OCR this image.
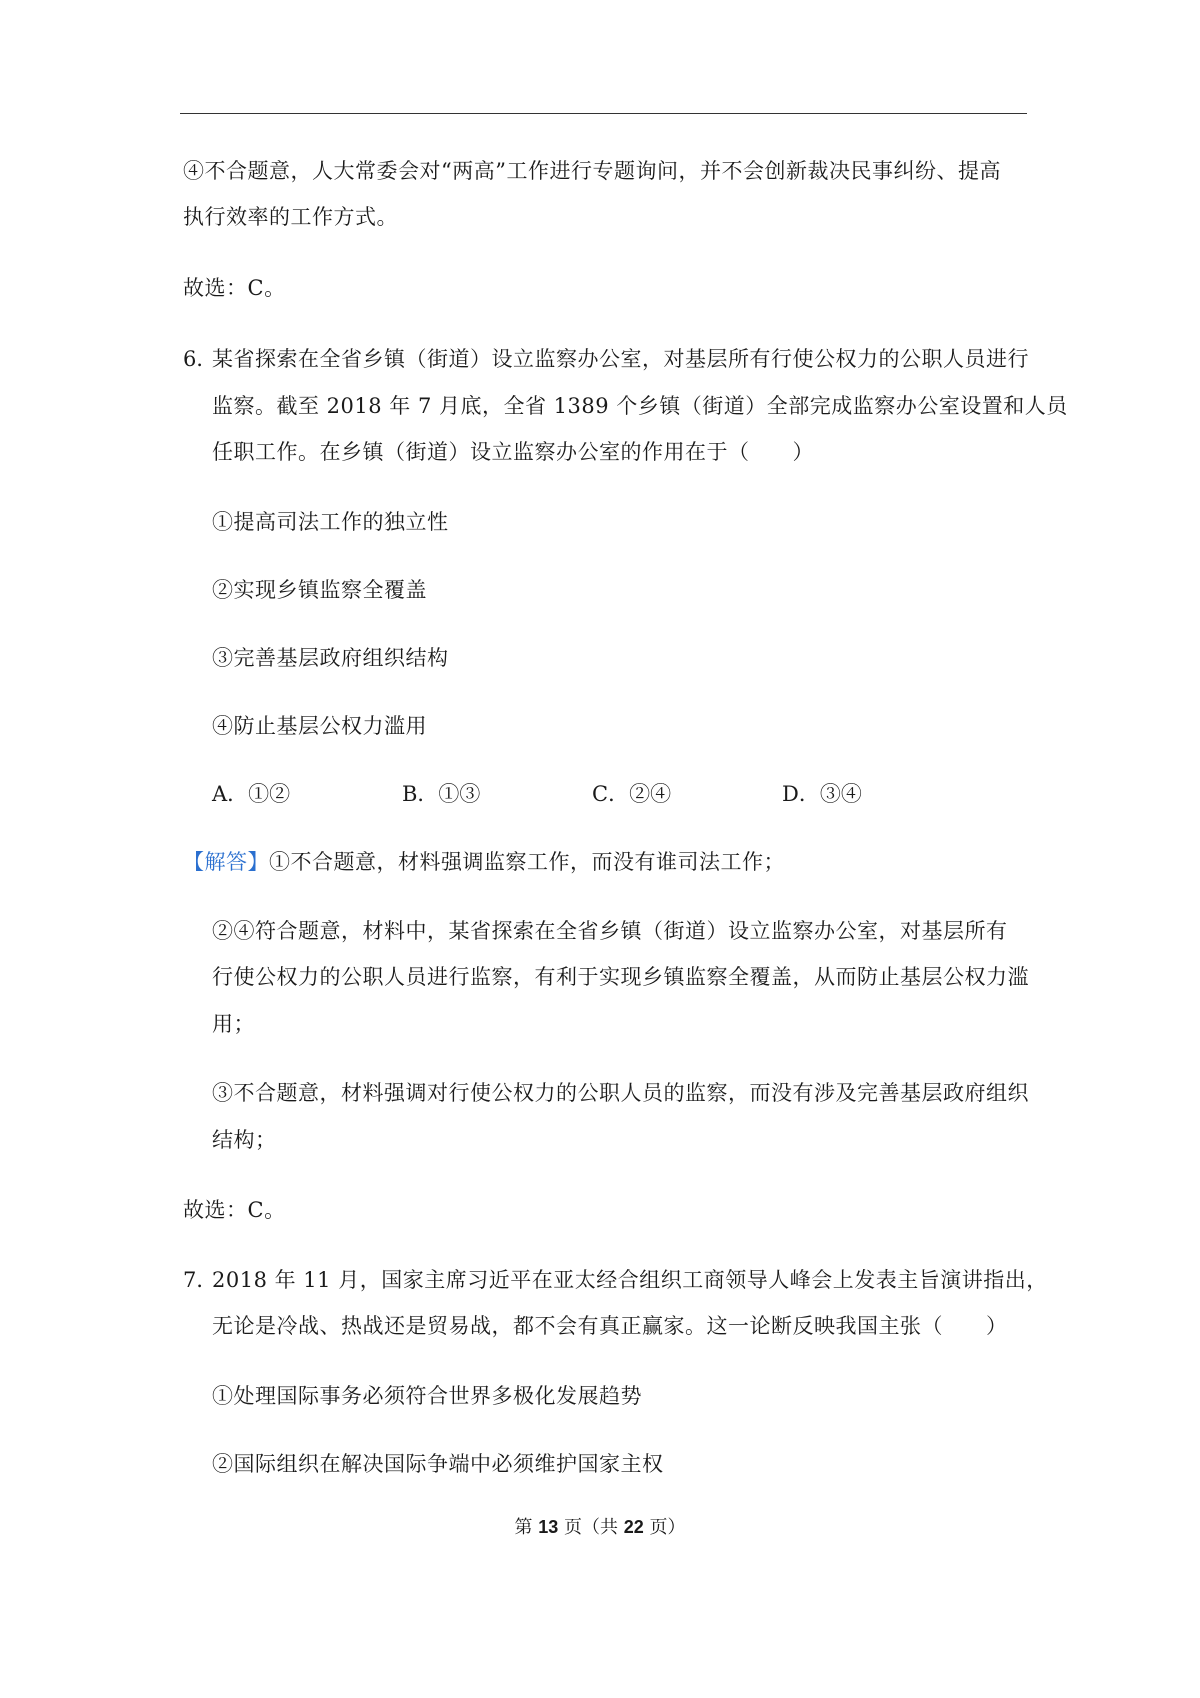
④不合题意，人大常委会对“两高”工作进行专题询问，并不会创新裁决民事纠纷、提高
执行效率的工作方式。
故选：C。
6．
某省探索在全省乡镇（街道）设立监察办公室，对基层所有行使公权力的公职人员进行
监察。截至 2018 年 7 月底，全省 1389 个乡镇（街道）全部完成监察办公室设置和人员
任职工作。在乡镇（街道）设立监察办公室的作用在于（　　）
①提高司法工作的独立性
②实现乡镇监察全覆盖
③完善基层政府组织结构
④防止基层公权力滥用
A．①②	B．①③	C．②④	D．③④
【解答】①不合题意，材料强调监察工作，而没有谁司法工作；
②④符合题意，材料中，某省探索在全省乡镇（街道）设立监察办公室，对基层所有
行使公权力的公职人员进行监察，有利于实现乡镇监察全覆盖，从而防止基层公权力滥
用；
③不合题意，材料强调对行使公权力的公职人员的监察，而没有涉及完善基层政府组织
结构；
故选：C。
7．
2018 年 11 月，国家主席习近平在亚太经合组织工商领导人峰会上发表主旨演讲指出，
无论是冷战、热战还是贸易战，都不会有真正赢家。这一论断反映我国主张（　　）
①处理国际事务必须符合世界多极化发展趋势
②国际组织在解决国际争端中必须维护国家主权
第 13 页（共 22 页）
